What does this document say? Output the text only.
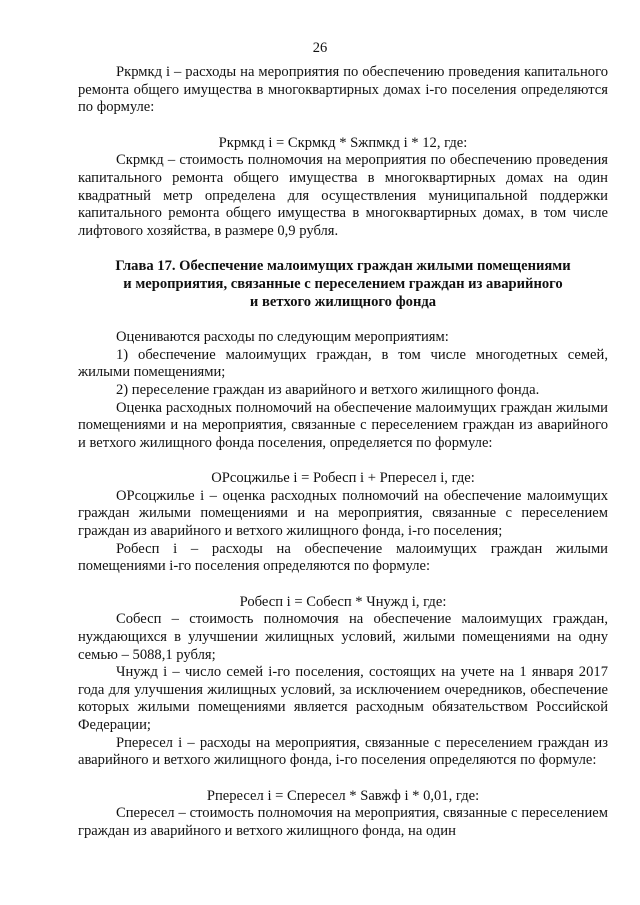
26

Ркрмкд i – расходы на мероприятия по обеспечению проведения капитального ремонта общего имущества в многоквартирных домах i-го поселения определяются по формуле:

Ркрмкд i = Скрмкд * Sжпмкд i * 12, где:

Скрмкд – стоимость полномочия на мероприятия по обеспечению проведения капитального ремонта общего имущества в многоквартирных домах на один квадратный метр определена для осуществления муниципальной поддержки капитального ремонта общего имущества в многоквартирных домах, в том числе лифтового хозяйства, в размере 0,9 рубля.

Глава 17. Обеспечение малоимущих граждан жилыми помещениями
и мероприятия, связанные с переселением граждан из аварийного
и ветхого жилищного фонда

Оцениваются расходы по следующим мероприятиям:

1) обеспечение малоимущих граждан, в том числе многодетных семей, жилыми помещениями;

2) переселение граждан из аварийного и ветхого жилищного фонда.

Оценка расходных полномочий на обеспечение малоимущих граждан жилыми помещениями и на мероприятия, связанные с переселением граждан из аварийного и ветхого жилищного фонда поселения, определяется по формуле:

ОРсоцжилье i = Робесп i + Рпересел i, где:

ОРсоцжилье i – оценка расходных полномочий на обеспечение малоимущих граждан жилыми помещениями и на мероприятия, связанные с переселением граждан из аварийного и ветхого жилищного фонда, i-го поселения;

Робесп i – расходы на обеспечение малоимущих граждан жилыми помещениями i-го поселения определяются по формуле:

Робесп i = Собесп * Чнужд i, где:

Собесп – стоимость полномочия на обеспечение малоимущих граждан, нуждающихся в улучшении жилищных условий, жилыми помещениями на одну семью – 5088,1 рубля;

Чнужд i – число семей i-го поселения, состоящих на учете на 1 января 2017 года для улучшения жилищных условий, за исключением очередников, обеспечение которых жилыми помещениями является расходным обязательством Российской Федерации;

Рпересел i – расходы на мероприятия, связанные с переселением граждан из аварийного и ветхого жилищного фонда, i-го поселения определяются по формуле:

Рпересел i = Спересел * Sавжф i * 0,01, где:

Спересел – стоимость полномочия на мероприятия, связанные с переселением граждан из аварийного и ветхого жилищного фонда, на один
